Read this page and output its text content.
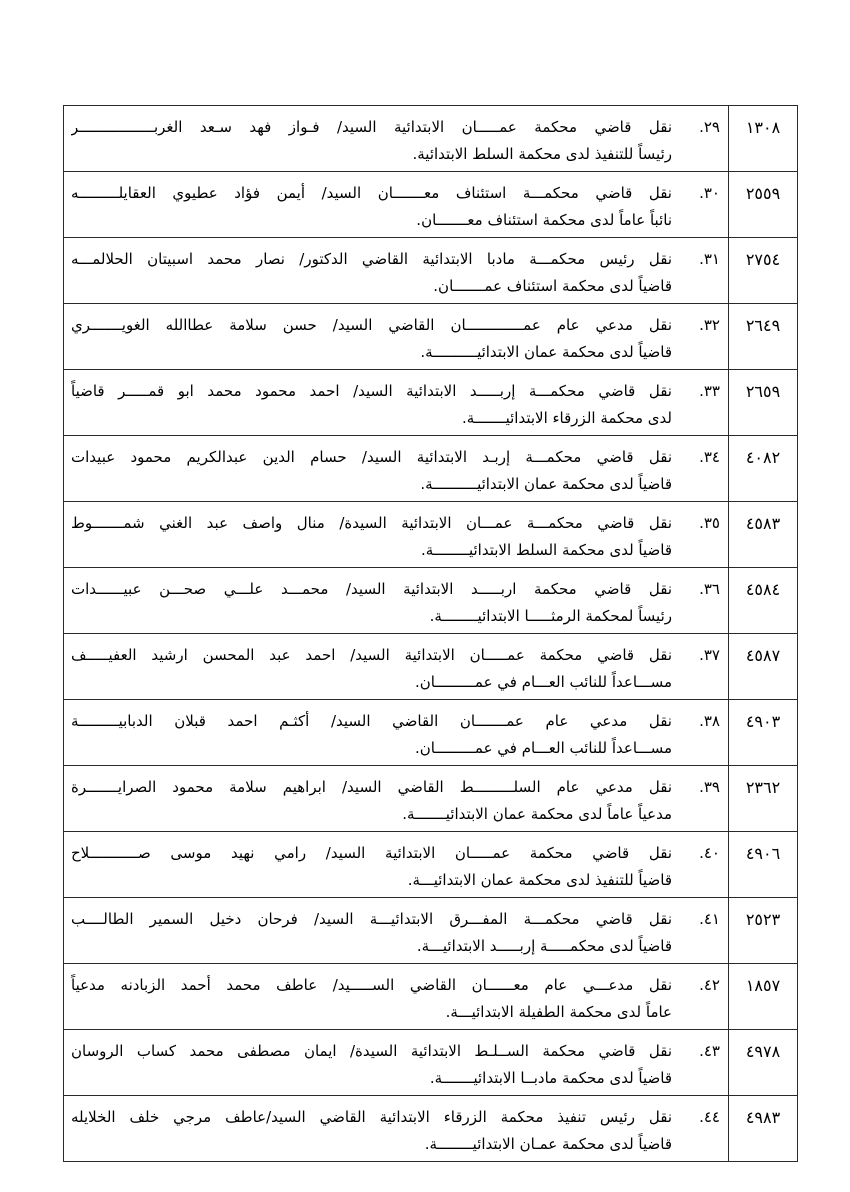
١٣٠٨	٢٩.
نقل قاضي محكمة عمـــــان الابتدائية السيد/ فـواز فهد سـعد الغربـــــــــــــــــر
رئيساً للتنفيذ لدى محكمة السلط الابتدائية.

٢٥٥٩	٣٠.
نقل قاضي محكمـــة استئناف معـــــــان السيد/ أيمن فؤاد عطيوي العقايلـــــــــه
نائباً عاماً لدى محكمة استئناف معـــــــان.

٢٧٥٤	٣١.
نقل رئيس محكمـــة مادبا الابتدائية القاضي الدكتور/ نصار محمد اسبيتان الحلالمـــه
قاضياً لدى محكمة استئناف عمـــــــان.

٢٦٤٩	٣٢.
نقل مدعي عام عمـــــــــــــان القاضي السيد/ حسن سلامة عطاالله الغويـــــــري
قاضياً لدى محكمة عمان الابتدائيــــــــــة.

٢٦٥٩	٣٣.
نقل قاضي محكمـــة إربـــــد الابتدائية السيد/ احمد محمود محمد ابو قمـــــر قاضياً
لدى محكمة الزرقاء الابتدائيـــــــة.

٤٠٨٢	٣٤.
نقل قاضي محكمـــة إربـد الابتدائية السيد/ حسام الدين عبدالكريم محمود عبيدات
قاضياً لدى محكمة عمان الابتدائيــــــــــة.

٤٥٨٣	٣٥.
نقل قاضي محكمـــة عمـــان الابتدائية السيدة/ منال واصف عبد الغني شمـــــــوط
قاضياً لدى محكمة السلط الابتدائيــــــــة.

٤٥٨٤	٣٦.
نقل قاضي محكمة اربـــــد الابتدائية السيد/ محمـــد علـــي صحـــن عبيــــــدات
رئيساً لمحكمة الرمثـــــا الابتدائيــــــــة.

٤٥٨٧	٣٧.
نقل قاضي محكمة عمـــــان الابتدائية السيد/ احمد عبد المحسن ارشيد العفيـــــف
مســـاعداً للنائب العـــام في عمـــــــــان.

٤٩٠٣	٣٨.
نقل مدعي عام عمـــــــان القاضي السيد/ أكثـم احمد قبلان الدبابيـــــــــة
مســـاعداً للنائب العـــام في عمـــــــــان.

٢٣٦٢	٣٩.
نقل مدعي عام السلـــــــــط القاضي السيد/ ابراهيم سلامة محمود الصرايـــــــرة
مدعياً عاماً لدى محكمة عمان الابتدائيـــــــة.

٤٩٠٦	٤٠.
نقل قاضي محكمة عمـــــان الابتدائية السيد/ رامي نهيد موسى صـــــــــــلاح
قاضياً للتنفيذ لدى محكمة عمان الابتدائيـــة.

٢٥٢٣	٤١.
نقل قاضي محكمـــة المفـــرق الابتدائيـــة السيد/ فرحان دخيل السمير الطالــــب
قاضياً لدى محكمـــــة إربـــــد الابتدائيـــة.

١٨٥٧	٤٢.
نقل مدعـــي عام معــــــان القاضي الســـــيد/ عاطف محمد أحمد الزبادنه مدعياً
عاماً لدى محكمة الطفيلة الابتدائيـــة.

٤٩٧٨	٤٣.
نقل قاضي محكمة الســلـط الابتدائية السيدة/ ايمان مصطفى محمد كساب الروسان
قاضياً لدى محكمة مادبــا الابتدائيـــــــة.

٤٩٨٣	٤٤.
نقل رئيس تنفيذ محكمة الزرقاء الابتدائية القاضي السيد/عاطف مرجي خلف الخلايله
قاضياً لدى محكمة عمـان الابتدائيــــــــة.
